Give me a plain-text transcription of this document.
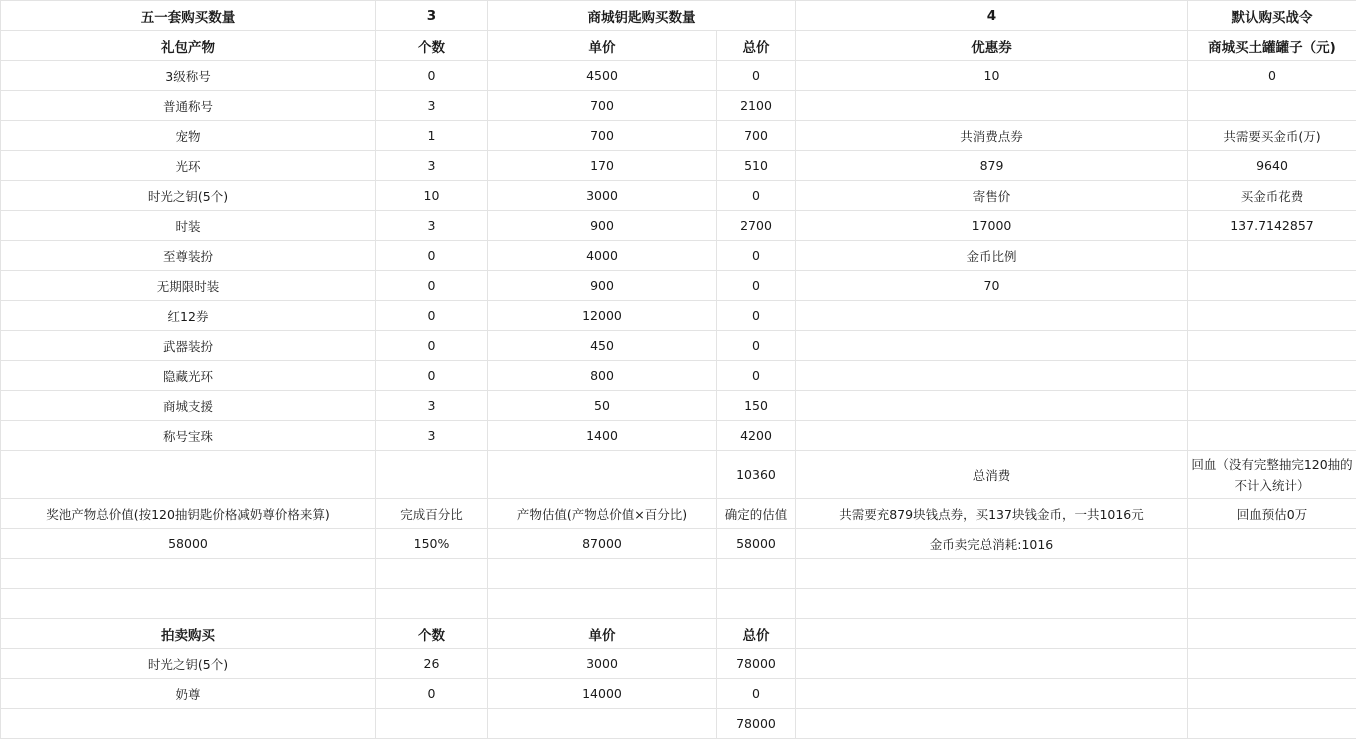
五一套购买数量	3	商城钥匙购买数量		4	默认购买战令
礼包产物	个数	单价	总价	优惠券	商城买土罐罐子（元)
3级称号	0	4500	0	10	0
普通称号	3	700	2100		
宠物	1	700	700	共消费点券	共需要买金币(万)
光环	3	170	510	879	9640
时光之钥(5个)	10	3000	0	寄售价	买金币花费
时装	3	900	2700	17000	137.7142857
至尊装扮	0	4000	0	金币比例	
无期限时装	0	900	0	70	
红12券	0	12000	0		
武器装扮	0	450	0		
隐藏光环	0	800	0		
商城支援	3	50	150		
称号宝珠	3	1400	4200		
			10360	总消费	回血（没有完整抽完120抽的不计入统计）
奖池产物总价值(按120抽钥匙价格减奶尊价格来算)	完成百分比	产物估值(产物总价值×百分比)	确定的估值	共需要充879块钱点券，买137块钱金币，一共1016元	回血预估0万
58000	150%	87000	58000	金币卖完总消耗:1016	

拍卖购买	个数	单价	总价		
时光之钥(5个)	26	3000	78000		
奶尊	0	14000	0		
			78000		
